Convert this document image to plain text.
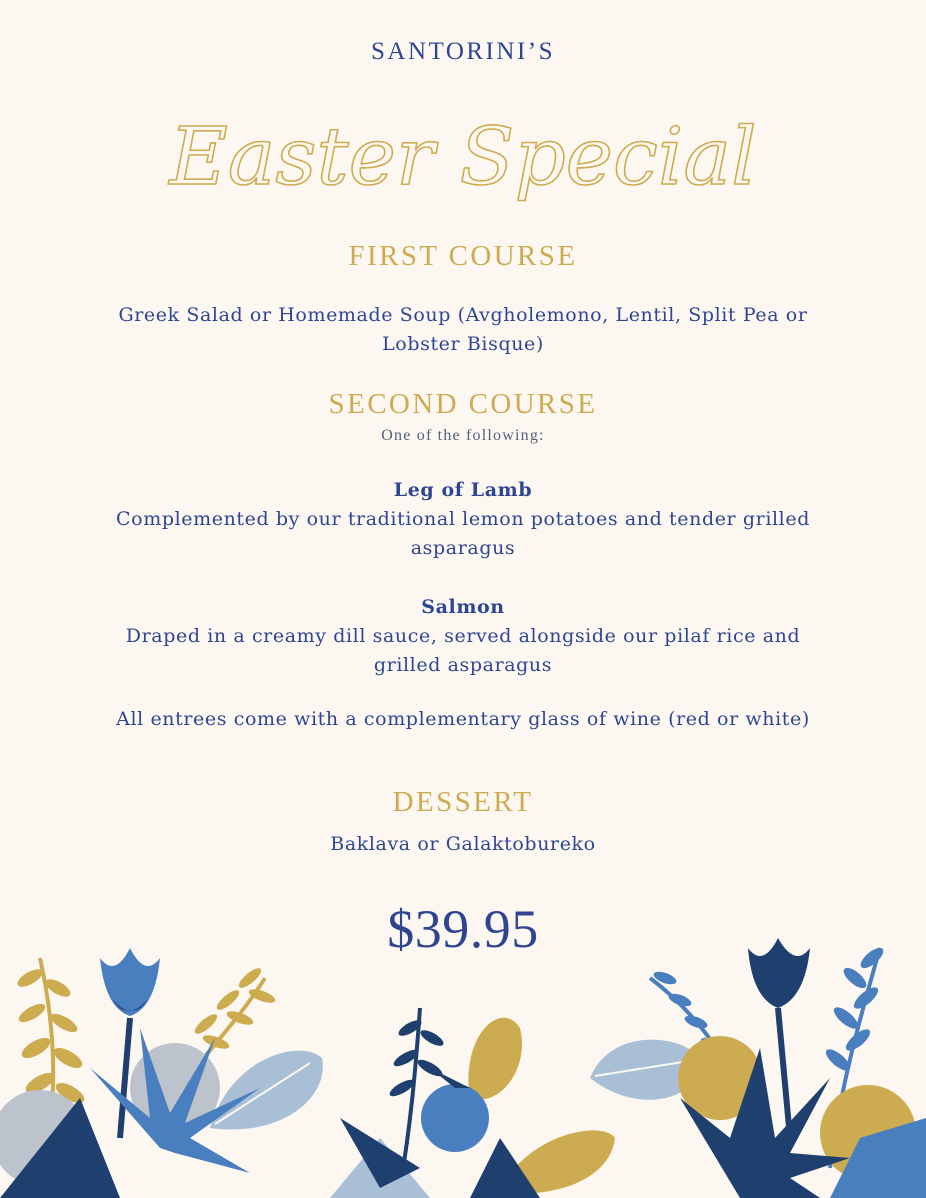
SANTORINI’S
Easter Special
FIRST COURSE
Greek Salad or Homemade Soup (Avgholemono, Lentil, Split Pea or Lobster Bisque)
SECOND COURSE
One of the following:
Leg of Lamb
Complemented by our traditional lemon potatoes and tender grilled asparagus
Salmon
Draped in a creamy dill sauce, served alongside our pilaf rice and grilled asparagus
All entrees come with a complementary glass of wine (red or white)
DESSERT
Baklava or Galaktobureko
$39.95
